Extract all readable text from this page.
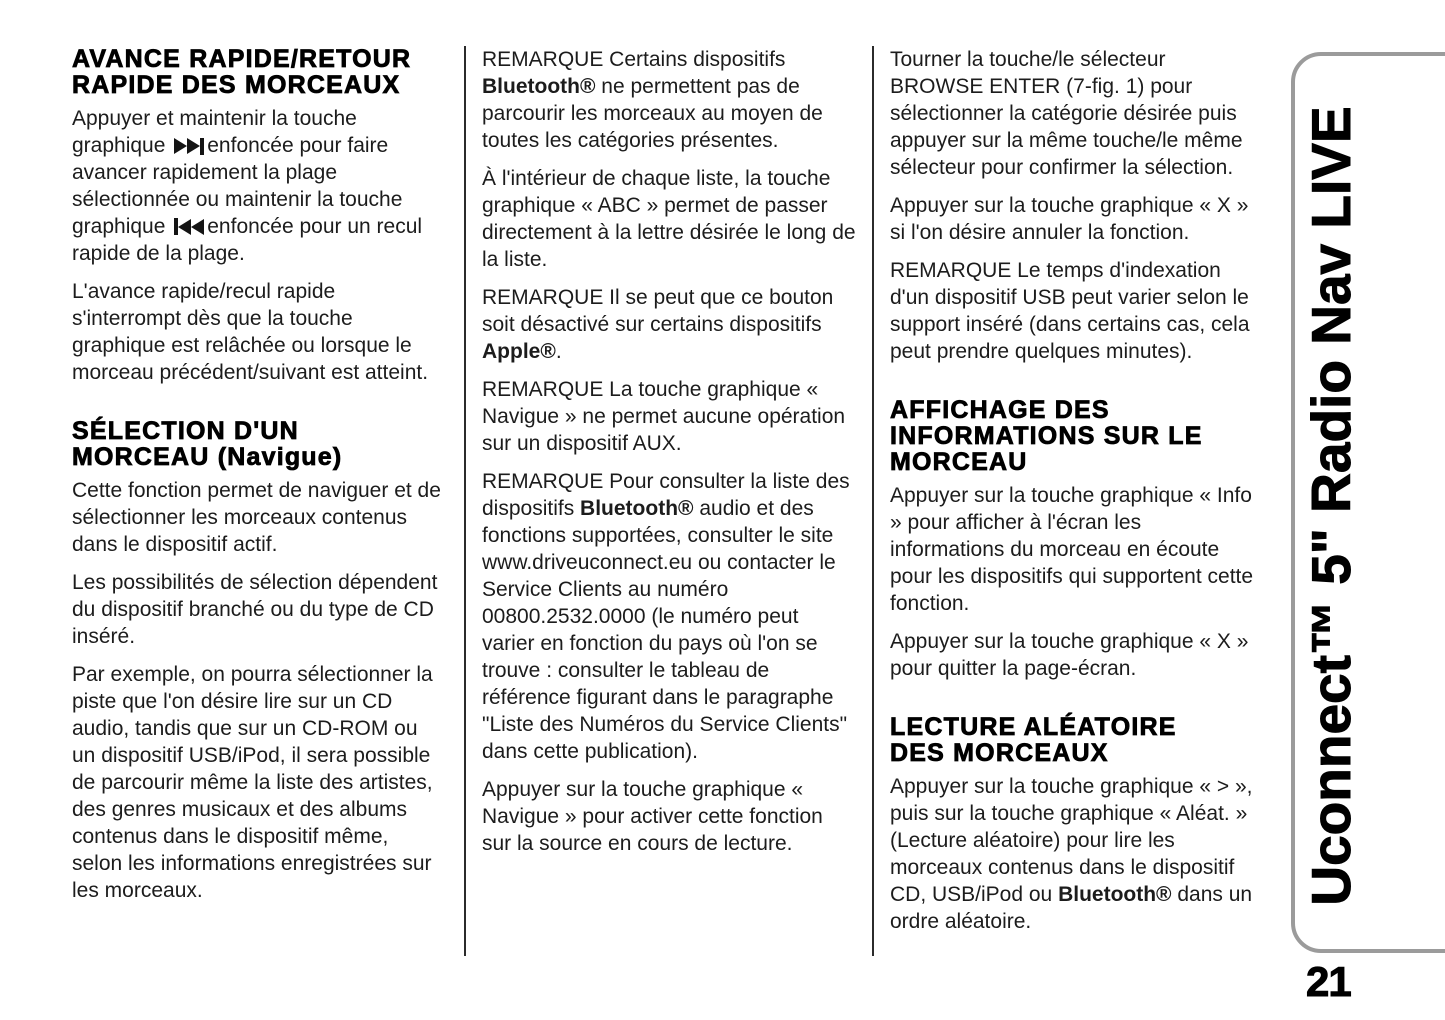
AVANCE RAPIDE/RETOUR RAPIDE DES MORCEAUX

Appuyer et maintenir la touche graphique
enfoncée pour faire avancer rapidement la plage sélectionnée ou maintenir la touche graphique
enfoncée pour un recul rapide de la plage.

L'avance rapide/recul rapide s'interrompt dès que la touche graphique est relâchée ou lorsque le morceau précédent/suivant est atteint.

SÉLECTION D'UN MORCEAU (Navigue)

Cette fonction permet de naviguer et de sélectionner les morceaux contenus dans le dispositif actif.

Les possibilités de sélection dépendent du dispositif branché ou du type de CD inséré.

Par exemple, on pourra sélectionner la piste que l'on désire lire sur un CD audio, tandis que sur un CD-ROM ou un dispositif USB/iPod, il sera possible de parcourir même la liste des artistes, des genres musicaux et des albums contenus dans le dispositif même, selon les informations enregistrées sur les morceaux.

REMARQUE Certains dispositifs Bluetooth® ne permettent pas de parcourir les morceaux au moyen de toutes les catégories présentes.

À l'intérieur de chaque liste, la touche graphique « ABC » permet de passer directement à la lettre désirée le long de la liste.

REMARQUE Il se peut que ce bouton soit désactivé sur certains dispositifs Apple®.

REMARQUE La touche graphique « Navigue » ne permet aucune opération sur un dispositif AUX.

REMARQUE Pour consulter la liste des dispositifs Bluetooth® audio et des fonctions supportées, consulter le site www.driveuconnect.eu ou contacter le Service Clients au numéro 00800.2532.0000 (le numéro peut varier en fonction du pays où l'on se trouve : consulter le tableau de référence figurant dans le paragraphe "Liste des Numéros du Service Clients" dans cette publication).

Appuyer sur la touche graphique « Navigue » pour activer cette fonction sur la source en cours de lecture.

Tourner la touche/le sélecteur BROWSE ENTER (7-fig. 1) pour sélectionner la catégorie désirée puis appuyer sur la même touche/le même sélecteur pour confirmer la sélection.

Appuyer sur la touche graphique « X » si l'on désire annuler la fonction.

REMARQUE Le temps d'indexation d'un dispositif USB peut varier selon le support inséré (dans certains cas, cela peut prendre quelques minutes).

AFFICHAGE DES INFORMATIONS SUR LE MORCEAU

Appuyer sur la touche graphique « Info » pour afficher à l'écran les informations du morceau en écoute pour les dispositifs qui supportent cette fonction.

Appuyer sur la touche graphique « X » pour quitter la page-écran.

LECTURE ALÉATOIRE DES MORCEAUX

Appuyer sur la touche graphique « > », puis sur la touche graphique « Aléat. » (Lecture aléatoire) pour lire les morceaux contenus dans le dispositif CD, USB/iPod ou Bluetooth® dans un ordre aléatoire.

Uconnect™ 5" Radio Nav LIVE
21
